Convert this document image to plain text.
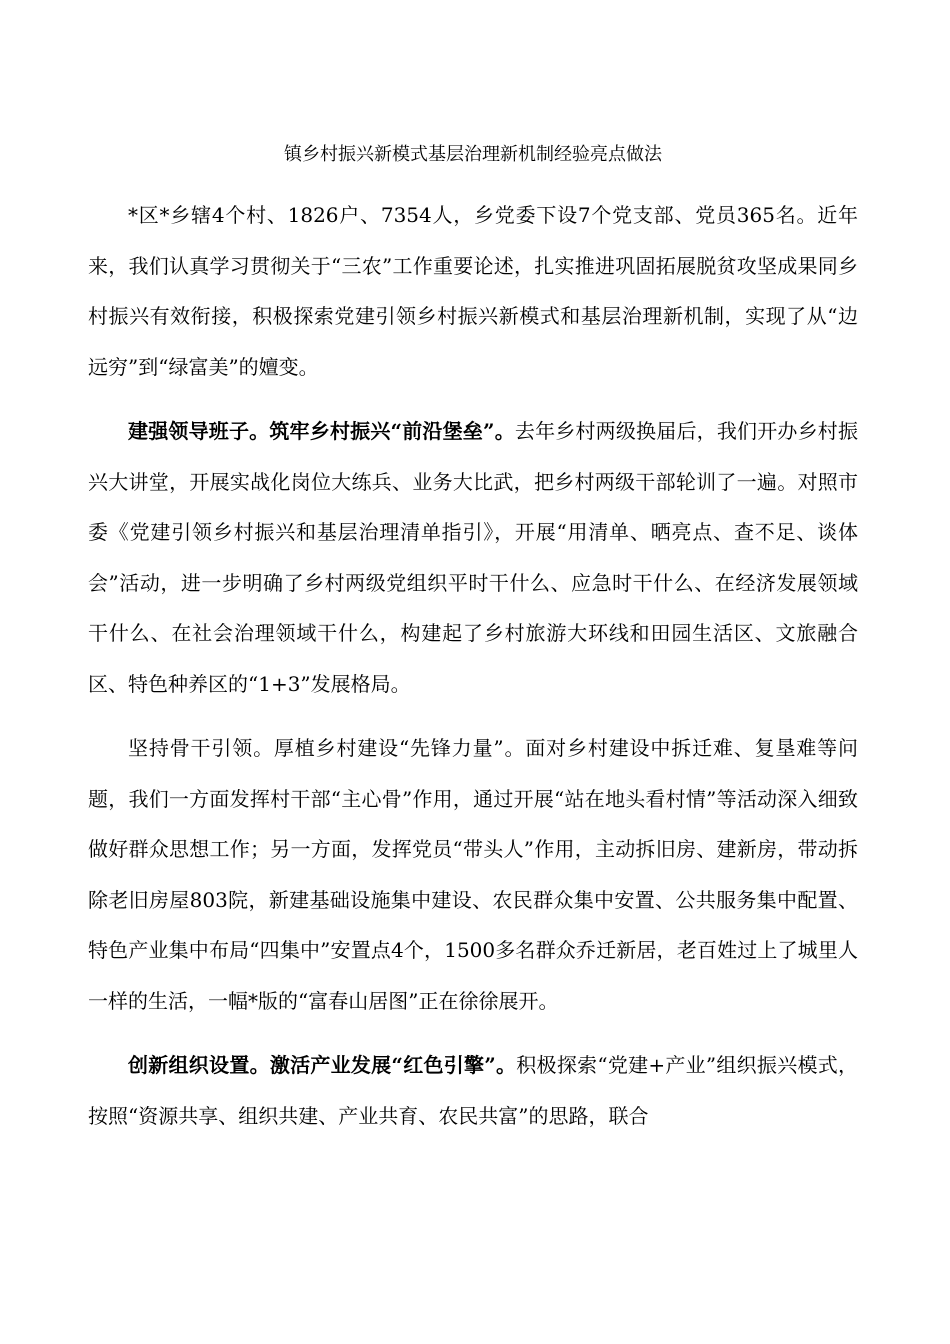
镇乡村振兴新模式基层治理新机制经验亮点做法

*区*乡辖4个村、1826户、7354人，乡党委下设7个党支部、党员365名。近年来，我们认真学习贯彻关于“三农”工作重要论述，扎实推进巩固拓展脱贫攻坚成果同乡村振兴有效衔接，积极探索党建引领乡村振兴新模式和基层治理新机制，实现了从“边远穷”到“绿富美”的嬗变。

建强领导班子。筑牢乡村振兴“前沿堡垒”。去年乡村两级换届后，我们开办乡村振兴大讲堂，开展实战化岗位大练兵、业务大比武，把乡村两级干部轮训了一遍。对照市委《党建引领乡村振兴和基层治理清单指引》，开展“用清单、晒亮点、查不足、谈体会”活动，进一步明确了乡村两级党组织平时干什么、应急时干什么、在经济发展领域干什么、在社会治理领域干什么，构建起了乡村旅游大环线和田园生活区、文旅融合区、特色种养区的“1+3”发展格局。

坚持骨干引领。厚植乡村建设“先锋力量”。面对乡村建设中拆迁难、复垦难等问题，我们一方面发挥村干部“主心骨”作用，通过开展“站在地头看村情”等活动深入细致做好群众思想工作；另一方面，发挥党员“带头人”作用，主动拆旧房、建新房，带动拆除老旧房屋803院，新建基础设施集中建设、农民群众集中安置、公共服务集中配置、特色产业集中布局“四集中”安置点4个，1500多名群众乔迁新居，老百姓过上了城里人一样的生活，一幅*版的“富春山居图”正在徐徐展开。

创新组织设置。激活产业发展“红色引擎”。积极探索“党建+产业”组织振兴模式，按照“资源共享、组织共建、产业共育、农民共富”的思路，联合
